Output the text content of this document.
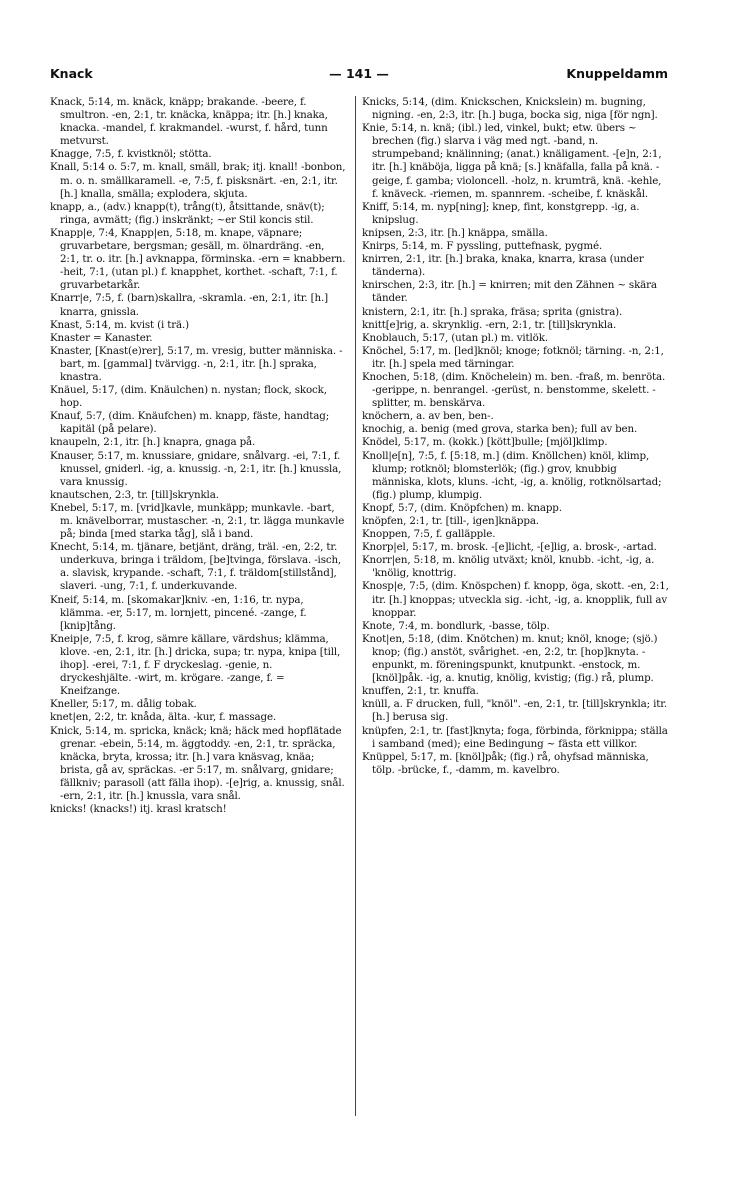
Knack	— 141 —	Knuppeldamm

Knack, 5:14, m. knäck, knäpp; brakande. -beere, f. smultron. -en, 2:1, tr. knäcka, knäppa; itr. [h.] knaka, knacka. -mandel, f. krakmandel. -wurst, f. hård, tunn metvurst.

Knagge, 7:5, f. kvistknöl; stötta.

Knall, 5:14 o. 5:7, m. knall, smäll, brak; itj. knall! -bonbon, m. o. n. smällkaramell. -e, 7:5, f. pisksnärt. -en, 2:1, itr. [h.] knalla, smälla; explodera, skjuta.

knapp, a., (adv.) knapp(t), trång(t), åtsittande, snäv(t); ringa, avmätt; (fig.) inskränkt; ~er Stil koncis stil.

Knapp|e, 7:4, Knapp|en, 5:18, m. knape, väpnare; gruvarbetare, bergsman; gesäll, m. ölnardräng. -en, 2:1, tr. o. itr. [h.] avknappa, förminska. -ern = knabbern. -heit, 7:1, (utan pl.) f. knapphet, korthet. -schaft, 7:1, f. gruvarbetarkår.

Knarr|e, 7:5, f. (barn)skallra, -skramla. -en, 2:1, itr. [h.] knarra, gnissla.

Knast, 5:14, m. kvist (i trä.)

Knaster = Kanaster.

Knaster, [Knast(e)rer], 5:17, m. vresig, butter människa. -bart, m. [gammal] tvärvigg. -n, 2:1, itr. [h.] spraka, knastra.

Knäuel, 5:17, (dim. Knäulchen) n. nystan; flock, skock, hop.

Knauf, 5:7, (dim. Knäufchen) m. knapp, fäste, handtag; kapitäl (på pelare).

knaupeln, 2:1, itr. [h.] knapra, gnaga på.

Knauser, 5:17, m. knussiare, gnidare, snålvarg. -ei, 7:1, f. knussel, gniderl. -ig, a. knussig. -n, 2:1, itr. [h.] knussla, vara knussig.

knautschen, 2:3, tr. [till]skrynkla.

Knebel, 5:17, m. [vrid]kavle, munkäpp; munkavle. -bart, m. knävelborrar, mustascher. -n, 2:1, tr. lägga munkavle på; binda [med starka tåg], slå i band.

Knecht, 5:14, m. tjänare, betjänt, dräng, träl. -en, 2:2, tr. underkuva, bringa i träldom, [be]tvinga, förslava. -isch, a. slavisk, krypande. -schaft, 7:1, f. träldom[stillstånd], slaveri. -ung, 7:1, f. underkuvande.

Kneif, 5:14, m. [skomakar]kniv. -en, 1:16, tr. nypa, klämma. -er, 5:17, m. lornjett, pincené. -zange, f. [knip]tång.

Kneip|e, 7:5, f. krog, sämre källare, värdshus; klämma, klove. -en, 2:1, itr. [h.] dricka, supa; tr. nypa, knipa [till, ihop]. -erei, 7:1, f. F dryckeslag. -genie, n. dryckeshjälte. -wirt, m. krögare. -zange, f. = Kneifzange.

Kneller, 5:17, m. dålig tobak.

knet|en, 2:2, tr. knåda, älta. -kur, f. massage.

Knick, 5:14, m. spricka, knäck; knä; häck med hopflätade grenar. -ebein, 5:14, m. äggtoddy. -en, 2:1, tr. spräcka, knäcka, bryta, krossa; itr. [h.] vara knäsvag, knäa; brista, gå av, spräckas. -er 5:17, m. snålvarg, gnidare; fällkniv; parasoll (att fälla ihop). -[e]rig, a. knussig, snål. -ern, 2:1, itr. [h.] knussla, vara snål.

knicks! (knacks!) itj. krasl kratsch!

Knicks, 5:14, (dim. Knickschen, Knickslein) m. bugning, nigning. -en, 2:3, itr. [h.] buga, bocka sig, niga [för ngn].

Knie, 5:14, n. knä; (ibl.) led, vinkel, bukt; etw. übers ~ brechen (fig.) slarva i väg med ngt. -band, n. strumpeband; knälinning; (anat.) knäligament. -[e]n, 2:1, itr. [h.] knäböja, ligga på knä; [s.] knäfalla, falla på knä. -geige, f. gamba; violoncell. -holz, n. krumträ, knä. -kehle, f. knäveck. -riemen, m. spannrem. -scheibe, f. knäskål.

Kniff, 5:14, m. nyp[ning]; knep, fint, konstgrepp. -ig, a. knipslug.

knipsen, 2:3, itr. [h.] knäppa, smälla.

Knirps, 5:14, m. F pyssling, puttefnask, pygmé.

knirren, 2:1, itr. [h.] braka, knaka, knarra, krasa (under tänderna).

knirschen, 2:3, itr. [h.] = knirren; mit den Zähnen ~ skära tänder.

knistern, 2:1, itr. [h.] spraka, fräsa; sprita (gnistra).

knitt[e]rig, a. skrynklig. -ern, 2:1, tr. [till]skrynkla.

Knoblauch, 5:17, (utan pl.) m. vitlök.

Knöchel, 5:17, m. [led]knöl; knoge; fotknöl; tärning. -n, 2:1, itr. [h.] spela med tärningar.

Knochen, 5:18, (dim. Knöchelein) m. ben. -fraß, m. benröta. -gerippe, n. benrangel. -gerüst, n. benstomme, skelett. -splitter, m. benskärva.

knöchern, a. av ben, ben-.

knochig, a. benig (med grova, starka ben); full av ben.

Knödel, 5:17, m. (kokk.) [kött]bulle; [mjöl]klimp.

Knoll|e[n], 7:5, f. [5:18, m.] (dim. Knöllchen) knöl, klimp, klump; rotknöl; blomsterlök; (fig.) grov, knubbig människa, klots, kluns. -icht, -ig, a. knölig, rotknölsartad; (fig.) plump, klumpig.

Knopf, 5:7, (dim. Knöpfchen) m. knapp.

knöpfen, 2:1, tr. [till-, igen]knäppa.

Knoppen, 7:5, f. galläpple.

Knorp|el, 5:17, m. brosk. -[e]licht, -[e]lig, a. brosk-, -artad.

Knorr|en, 5:18, m. knölig utväxt; knöl, knubb. -icht, -ig, a. 'knölig, knottrig.

Knosp|e, 7:5, (dim. Knöspchen) f. knopp, öga, skott. -en, 2:1, itr. [h.] knoppas; utveckla sig. -icht, -ig, a. knopplik, full av knoppar.

Knote, 7:4, m. bondlurk, -basse, tölp.

Knot|en, 5:18, (dim. Knötchen) m. knut; knöl, knoge; (sjö.) knop; (fig.) anstöt, svårighet. -en, 2:2, tr. [hop]knyta. -enpunkt, m. föreningspunkt, knutpunkt. -enstock, m. [knöl]påk. -ig, a. knutig, knölig, kvistig; (fig.) rå, plump.

knuffen, 2:1, tr. knuffa.

knüll, a. F drucken, full, "knöl". -en, 2:1, tr. [till]skrynkla; itr. [h.] berusa sig.

knüpfen, 2:1, tr. [fast]knyta; foga, förbinda, förknippa; ställa i samband (med); eine Bedingung ~ fästa ett villkor.

Knüppel, 5:17, m. [knöl]påk; (fig.) rå, ohyfsad människa, tölp. -brücke, f., -damm, m. kavelbro.
